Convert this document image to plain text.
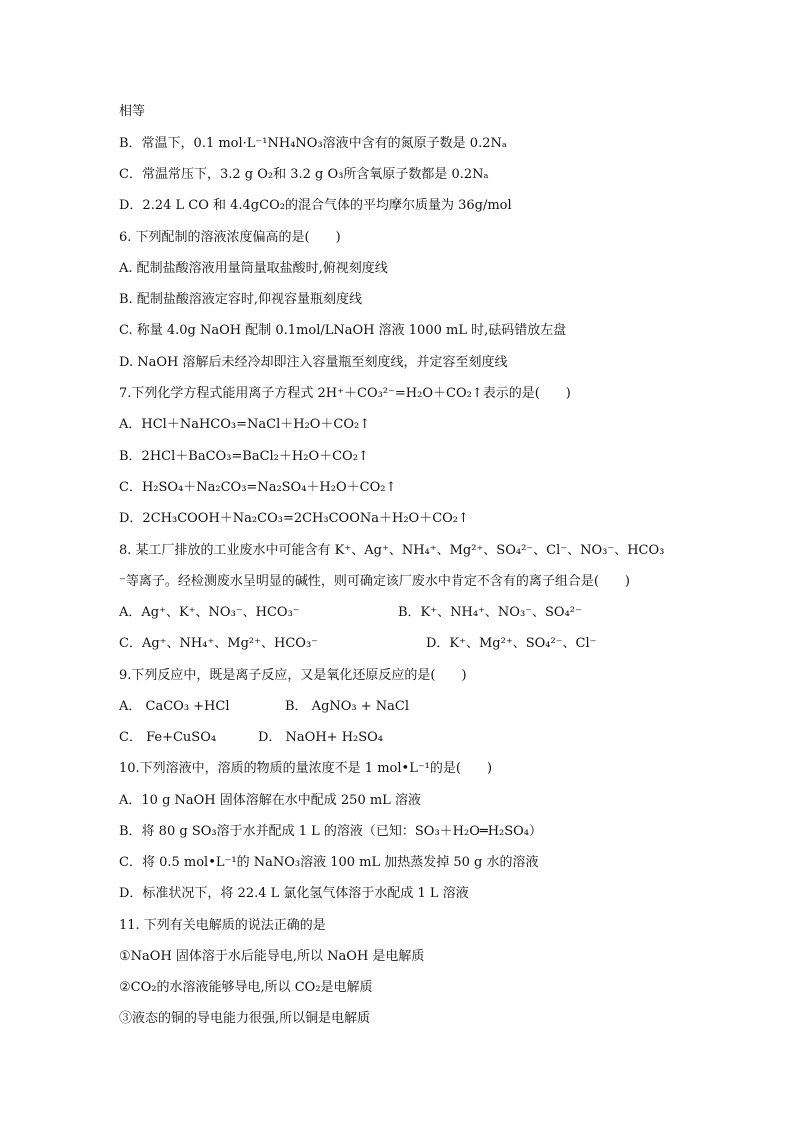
相等
B．常温下，0.1 mol·L⁻¹NH₄NO₃溶液中含有的氮原子数是 0.2Nₐ
C．常温常压下，3.2 g O₂和 3.2 g O₃所含氧原子数都是 0.2Nₐ
D．2.24 L CO 和 4.4gCO₂的混合气体的平均摩尔质量为 36g/mol
6. 下列配制的溶液浓度偏高的是(　　)
A. 配制盐酸溶液用量筒量取盐酸时,俯视刻度线
B. 配制盐酸溶液定容时,仰视容量瓶刻度线
C. 称量 4.0g NaOH 配制 0.1mol/LNaOH 溶液 1000 mL 时,砝码错放左盘
D. NaOH 溶解后未经冷却即注入容量瓶至刻度线，并定容至刻度线
7.下列化学方程式能用离子方程式 2H⁺＋CO₃²⁻=H₂O＋CO₂↑表示的是(　　)
A．HCl＋NaHCO₃=NaCl＋H₂O＋CO₂↑
B．2HCl＋BaCO₃=BaCl₂＋H₂O＋CO₂↑
C．H₂SO₄＋Na₂CO₃=Na₂SO₄＋H₂O＋CO₂↑
D．2CH₃COOH＋Na₂CO₃=2CH₃COONa＋H₂O＋CO₂↑
8. 某工厂排放的工业废水中可能含有 K⁺、Ag⁺、NH₄⁺、Mg²⁺、SO₄²⁻、Cl⁻、NO₃⁻、HCO₃
⁻等离子。经检测废水呈明显的碱性，则可确定该厂废水中肯定不含有的离子组合是(　　)
A．Ag⁺、K⁺、NO₃⁻、HCO₃⁻	B．K⁺、NH₄⁺、NO₃⁻、SO₄²⁻
C．Ag⁺、NH₄⁺、Mg²⁺、HCO₃⁻	D．K⁺、Mg²⁺、SO₄²⁻、Cl⁻
9.下列反应中，既是离子反应，又是氧化还原反应的是(　　)
A． CaCO₃ +HCl	B． AgNO₃ + NaCl
C． Fe+CuSO₄	D． NaOH+ H₂SO₄
10.下列溶液中，溶质的物质的量浓度不是 1 mol•L⁻¹的是(　　)
A．10 g NaOH 固体溶解在水中配成 250 mL 溶液
B．将 80 g SO₃溶于水并配成 1 L 的溶液（已知：SO₃＋H₂O═H₂SO₄）
C．将 0.5 mol•L⁻¹的 NaNO₃溶液 100 mL 加热蒸发掉 50 g 水的溶液
D．标准状况下，将 22.4 L 氯化氢气体溶于水配成 1 L 溶液
11. 下列有关电解质的说法正确的是
①NaOH 固体溶于水后能导电,所以 NaOH 是电解质
②CO₂的水溶液能够导电,所以 CO₂是电解质
③液态的铜的导电能力很强,所以铜是电解质
